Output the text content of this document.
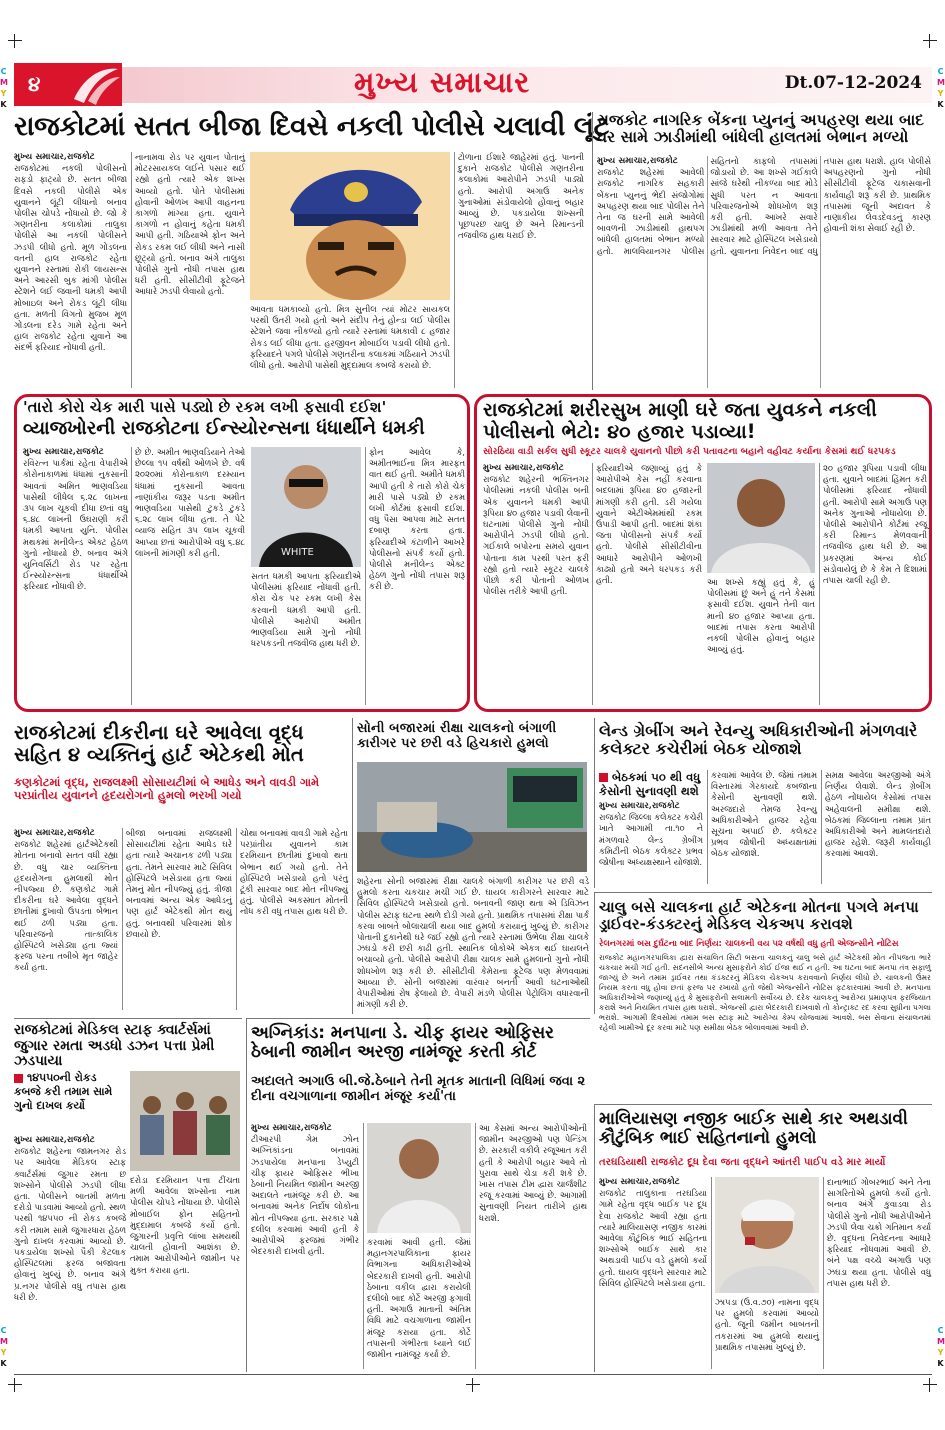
C
M
Y
K
C
M
Y
K
C
M
Y
K
C
M
Y
K
૪	મુખ્ય સમાચાર	Dt.07-12-2024
રાજકોટમાં સતત બીજા દિવસે નકલી પોલીસે ચલાવી લૂંટ

મુખ્ય સમાચાર,રાજકોટ

રાજકોટમાં નકલી પોલીસનો રાફડો ફાટ્યો છે. સતત બીજા દિવસે નકલી પોલીસે એક યુવાનને લૂંટી લીધાનો બનાવ પોલીસ ચોપડે નોંધાયો છે. જો કે ગણતરીના કલાકોમાં તાલુકા પોલીસે આ નકલી પોલીસને ઝડપી લીધો હતો. મૂળ ગોંડલના વતની હાલ રાજકોટ રહેતા યુવાનને રસ્તામાં રોકી લાયસન્સ અને આરસી બુક માંગી પોલીસ સ્ટેશને લઈ જવાની ધમકી આપી મોબાઇલ અને રોકડ લૂંટી લીધા હતા. મળતી વિગતો મુજબ મૂળ ગોંડલના દરેડ ગામે રહેતા અને હાલ રાજકોટ રહેતા યુવાને આ સંદર્ભે ફરિયાદ નોંધાવી હતી.

નાનામવા રોડ પર યુવાન પોતાનું મોટરસાયકલ લઈને પસાર થઈ રહ્યો હતો ત્યારે એક શખ્સ આવ્યો હતો. પોતે પોલીસમાં હોવાની ઓળખ આપી વાહનના કાગળો માંગ્યા હતા. યુવાને કાગળો ન હોવાનું કહેતા ધમકી આપી હતી. ગઠિયાએ ફોન અને રોકડ રકમ લઈ લીધી અને નાસી છૂટ્યો હતો. બનાવ અંગે તાલુકા પોલીસે ગુનો નોંધી તપાસ હાથ ધરી હતી. સીસીટીવી ફૂટેજને આધારે ઝડપી લેવાયો હતો.
ટોળાના ઈશારે જાહેરમાં હતું. પાનની દુકાને રાજકોટ પોલીસે ગણતરીના કલાકોમાં આરોપીને ઝડપી પાડ્યો હતો. આરોપી અગાઉ અનેક ગુનાઓમાં સંડોવાયેલો હોવાનું બહાર આવ્યું છે. પકડાયેલા શખ્સની પૂછપરછ ચાલુ છે અને રિમાન્ડની તજવીજ હાથ ધરાઈ છે.
આવતા ધમકાવ્યો હતો. મિત્ર સુનીલ ત્યાં મોટર સાયકલ પરથી ઉતરી ગયો હતો અને સંદીપ તેનું હોન્ડા લઈ પોલીસ સ્ટેશને જવા નીકળ્યો હતો ત્યારે રસ્તામાં ધમકાવી ૮ હજાર રોકડ લઈ લીધા હતા. હરજીવન મોબાઈલ પડાવી લીધો હતો. ફરિયાદને પગલે પોલીસે ગણતરીના કલાકમાં ગઠિયાને ઝડપી લીધો હતો. આરોપી પાસેથી મુદ્દામાલ કબજે કરાયો છે.
રાજકોટ નાગરિક બેંકના પ્યુનનું અપહરણ થયા બાદ ઘર સામે ઝાડીમાંથી બાંધેલી હાલતમાં બેભાન મળ્યો

મુખ્ય સમાચાર,રાજકોટ

રાજકોટ શહેરમાં આવેલી રાજકોટ નાગરિક સહકારી બેંકના પ્યુનનું ભેદી સંજોગોમાં અપહરણ થયા બાદ પોલીસ તેને તેના જ ઘરની સામે આવેલી બાવળની ઝાડીમાંથી હાથપગ બાંધેલી હાલતમાં બેભાન મળ્યો હતો. માલવિયાનગર પોલીસ સહિતનો કાફલો તપાસમાં જોડાયો છે. આ શખ્સે ગઈકાલે સાંજે ઘરેથી નીકળ્યા બાદ મોડે સુધી પરત ન આવતા પરિવારજનોએ શોધખોળ શરૂ કરી હતી. આખરે સવારે ઝાડીમાંથી મળી આવતા તેને સારવાર માટે હોસ્પિટલ ખસેડાયો હતો. યુવાનના નિવેદન બાદ વધુ તપાસ હાથ ધરાશે. હાલ પોલીસે અપહરણનો ગુનો નોંધી સીસીટીવી ફૂટેજ ચકાસવાની કાર્યવાહી શરૂ કરી છે. પ્રાથમિક તપાસમાં જૂની અદાવત કે નાણાકીય લેવડદેવડનું કારણ હોવાની શંકા સેવાઈ રહી છે.

'તારો કોરો ચેક મારી પાસે પડ્યો છે રકમ લખી ફસાવી દઈશ'
વ્યાજખોરની રાજકોટના ઈન્સ્યોરન્સના ધંધાર્થીને ધમકી

મુખ્ય સમાચાર,રાજકોટ

રવિરત્ન પાર્કમાં રહેતા વેપારીએ કોરોનાકાળમાં ધંધામાં નુકસાની આવતાં અમિત ભાણવડિયા પાસેથી લીધેલ ૬.૨૮ લાખના ૩૫ લાખ ચૂકવી દીધા છતાં વધુ ૬.૪૮ લાખની ઉઘરાણી કરી ધમકી આપતા યુનિ. પોલીસ મથકમાં મનીલેન્ડ એક્ટ હેઠળ ગુનો નોંધાયો છે. બનાવ અંગે યુનિવર્સિટી રોડ પર રહેતા ઈન્સ્યોરન્સના ધંધાર્થીએ ફરિયાદ નોંધાવી છે.

છે છે. અમીત ભાણવડિયાને તેઓ છેલ્લા ૧૫ વર્ષથી ઓળખે છે. વર્ષ ૨૦૨૦માં કોરોનાકાળ દરમ્યાન ધંધામાં નુકસાની આવતા નાણાંકીય જરૂર પડતા અમીત ભાણવડિયા પાસેથી ટુકડે ટુકડે ૬.૨૮ લાખ લીધા હતા. તે પેટે વ્યાજ સહિત ૩૫ લાખ ચૂકવી આપ્યા છતાં આરોપીએ વધુ ૬.૪૮ લાખની માંગણી કરી હતી.	WHITE
સતત ધમકી આપતા ફરિયાદીએ પોલીસમાં ફરિયાદ નોંધાવી હતી. કોરા ચેક પર રકમ લખી કેસ કરવાની ધમકી આપી હતી. પોલીસે આરોપી અમીત ભાણવડિયા સામે ગુનો નોંધી ધરપકડની તજવીજ હાથ ધરી છે.
ફોન આવેલ કે, અમીતભાઈના મિત્ર મારફત વાત થઈ હતી. અમીતે ધમકી આપી હતી કે તારો કોરો ચેક મારી પાસે પડ્યો છે રકમ લખી કોર્ટમાં ફસાવી દઈશ. વધુ પૈસા આપવા માટે સતત દબાણ કરતા હતા. ફરિયાદીએ કંટાળીને આખરે પોલીસનો સંપર્ક કર્યો હતો. પોલીસે મનીલેન્ડ એક્ટ હેઠળ ગુનો નોંધી તપાસ શરૂ કરી છે.
રાજકોટમાં શરીરસુખ માણી ઘરે જતા યુવકને નકલી પોલીસનો ભેટો: ૪૦ હજાર પડાવ્યા!
સોરઠિયા વાડી સર્કલ સુધી સ્કૂટર ચાલકે યુવાનનો પીછો કરી પતાવટના બહાને વહીવટ કર્યાના કેસમાં થઈ ધરપકડ

મુખ્ય સમાચાર,રાજકોટ

રાજકોટ શહેરની ભક્તિનગર પોલીસમાં નકલી પોલીસ બની એક યુવાનને ધમકી આપી રૂપિયા ૪૦ હજાર પડાવી લેવાની ઘટનામાં પોલીસે ગુનો નોંધી આરોપીને ઝડપી લીધો હતો. ગઈકાલે બપોરના સમયે યુવાન પોતાના કામ પરથી પરત ફરી રહ્યો હતો ત્યારે સ્કૂટર ચાલકે પીછો કરી પોતાની ઓળખ પોલીસ તરીકે આપી હતી.

ફરિયાદીએ જણાવ્યું હતું કે આરોપીએ કેસ નહીં કરવાના બદલામાં રૂપિયા ૪૦ હજારની માંગણી કરી હતી. ડરી ગયેલા યુવાને એટીએમમાંથી રકમ ઉપાડી આપી હતી. બાદમાં શંકા જતા પોલીસનો સંપર્ક કર્યો હતો. પોલીસે સીસીટીવીના આધારે આરોપીને ઓળખી કાઢ્યો હતો અને ધરપકડ કરી હતી.	આ શખ્સે કહ્યું હતું કે, હું પોલીસમાં છું અને હું તને કેસમાં ફસાવી દઈશ. યુવાને તેની વાત માની ૪૦ હજાર આપ્યા હતા. બાદમાં તપાસ કરતા આરોપી નકલી પોલીસ હોવાનું બહાર આવ્યું હતું.
૨૦ હજાર રૂપિયા પડાવી લીધા હતા. યુવાને બાદમાં હિંમત કરી પોલીસમાં ફરિયાદ નોંધાવી હતી. આરોપી સામે અગાઉ પણ અનેક ગુનાઓ નોંધાયેલા છે. પોલીસે આરોપીને કોર્ટમાં રજૂ કરી રિમાન્ડ મેળવવાની તજવીજ હાથ ધરી છે. આ પ્રકરણમાં અન્ય કોઈ સંડોવાયેલું છે કે કેમ તે દિશામાં તપાસ ચાલી રહી છે.
રાજકોટમાં દીકરીના ઘરે આવેલા વૃદ્ધ સહિત ૪ વ્યક્તિનું હાર્ટ એટેકથી મોત
કણકોટમાં વૃદ્ધ, રાજલક્ષ્મી સોસાયટીમાં બે આધેડ અને વાવડી ગામે પરપ્રાંતીય યુવાનને હૃદયરોગનો હુમલો ભરખી ગયો

મુખ્ય સમાચાર,રાજકોટ

રાજકોટ શહેરમાં હાર્ટએટેકથી મોતના બનાવો સતત વધી રહ્યા છે. વધુ ચાર વ્યક્તિના હૃદયરોગના હુમલાથી મોત નીપજ્યા છે. કણકોટ ગામે દીકરીના ઘરે આવેલા વૃદ્ધને છાતીમાં દુખાવો ઉપડતા બેભાન થઈ ઢળી પડ્યા હતા. પરિવારજનો તાત્કાલિક હોસ્પિટલે ખસેડ્યા હતા જ્યાં ફરજ પરના તબીબે મૃત જાહેર કર્યા હતા.

બીજા બનાવમાં રાજલક્ષ્મી સોસાયટીમાં રહેતા આધેડ ઘરે હતા ત્યારે અચાનક ઢળી પડ્યા હતા. તેમને સારવાર માટે સિવિલ હોસ્પિટલે ખસેડાયા હતા જ્યાં તેમનું મોત નીપજ્યું હતું. ત્રીજા બનાવમાં અન્ય એક આધેડનું પણ હાર્ટ એટેકથી મોત થયું હતું. બનાવથી પરિવારમાં શોક છવાયો છે.
ચોથા બનાવમાં વાવડી ગામે રહેતા પરપ્રાંતીય યુવાનને કામ દરમિયાન છાતીમાં દુખાવો થતા બેભાન થઈ ગયો હતો. તેને હોસ્પિટલે ખસેડાયો હતો પરંતુ ટૂંકી સારવાર બાદ મોત નીપજ્યું હતું. પોલીસે અકસ્માત મોતની નોંધ કરી વધુ તપાસ હાથ ધરી છે.
સોની બજારમાં રીક્ષા ચાલકનો બંગાળી કારીગર પર છરી વડે હિચકારો હુમલો
શહેરના સોની બજારમાં રીક્ષા ચાલકે બંગાળી કારીગર પર છરી વડે હુમલો કરતા ચકચાર મચી ગઈ છે. ઘાયલ કારીગરને સારવાર માટે સિવિલ હોસ્પિટલે ખસેડાયો હતો. બનાવની જાણ થતા એ ડિવિઝન પોલીસ સ્ટાફ ઘટના સ્થળે દોડી ગયો હતો. પ્રાથમિક તપાસમાં રીક્ષા પાર્ક કરવા બાબતે બોલાચાલી થયા બાદ હુમલો કરાયાનું ખુલ્યું છે. કારીગર પોતાની દુકાનેથી ઘરે જઈ રહ્યો હતો ત્યારે રસ્તામાં ઉભેલા રીક્ષા ચાલકે ઝઘડો કરી છરી કાઢી હતી. સ્થાનિક લોકોએ એકત્ર થઈ ઘાયલને બચાવ્યો હતો. પોલીસે આરોપી રીક્ષા ચાલક સામે હુમલાનો ગુનો નોંધી શોધખોળ શરૂ કરી છે. સીસીટીવી કેમેરાના ફૂટેજ પણ મેળવવામાં આવ્યા છે. સોની બજારમાં વારંવાર બનતી આવી ઘટનાઓથી વેપારીઓમાં રોષ ફેલાયો છે. વેપારી મંડળે પોલીસ પેટ્રોલિંગ વધારવાની માંગણી કરી છે.
લેન્ડ ગ્રેબીંગ અને રેવન્યુ અધિકારીઓની મંગળવારે કલેક્ટર કચેરીમાં બેઠક યોજાશે
બેઠકમાં ૫૦ થી વધુ કેસોની સુનાવણી થશે

મુખ્ય સમાચાર,રાજકોટ

રાજકોટ જિલ્લા કલેક્ટર કચેરી ખાતે આગામી તા.૧૦ ને મંગળવારે લેન્ડ ગ્રેબીંગ કમિટીની બેઠક કલેક્ટર પ્રભવ જોષીના અધ્યક્ષસ્થાને યોજાશે.

કરવામાં આવેલ છે. જેમાં તમામ વિસ્તારમાં ગેરકાયદે કબજાના કેસોની સુનાવણી થશે. અરજદારો તેમજ રેવન્યુ અધિકારીઓને હાજર રહેવા સૂચના અપાઈ છે. કલેક્ટર પ્રભવ જોષીની અધ્યક્ષતામાં બેઠક યોજાશે.
સમક્ષ આવેલા અરજીઓ અંગે નિર્ણય લેવાશે. લેન્ડ ગ્રેબીંગ હેઠળ નોંધાયેલ કેસોમાં તપાસ અહેવાલની સમીક્ષા થશે. બેઠકમાં જિલ્લાના તમામ પ્રાંત અધિકારીઓ અને મામલતદારો હાજર રહેશે. જરૂરી કાર્યવાહી કરવામાં આવશે.
ચાલુ બસે ચાલકના હાર્ટ એટેકના મોતના પગલે મનપા ડ્રાઈવર-કંડક્ટરનું મેડિકલ ચેકઅપ કરાવશે
રેલનગરમાં બસ દુર્ઘટના બાદ નિર્ણય: ચાલકની વય ૫૨ વર્ષથી વધુ હતી એજન્સીને નોટિસ
રાજકોટ મહાનગરપાલિકા દ્વારા સંચાલિત સિટી બસના ચાલકનું ચાલુ બસે હાર્ટ એટેકથી મોત નીપજતા ભારે ચકચાર મચી ગઈ હતી. સદનસીબે અન્ય મુસાફરોને કોઈ ઈજા થઈ ન હતી. આ ઘટના બાદ મનપા તંત્ર સફાળું જાગ્યું છે અને તમામ ડ્રાઈવર તથા કંડક્ટરનું મેડિકલ ચેકઅપ કરાવવાનો નિર્ણય લીધો છે. ચાલકની ઉંમર નિયમ કરતા વધુ હોવા છતાં ફરજ પર રખાયો હતો જેથી એજન્સીને નોટિસ ફટકારવામાં આવી છે. મનપાના અધિકારીઓએ જણાવ્યું હતું કે મુસાફરોની સલામતી સર્વોચ્ચ છે. દરેક ચાલકનું આરોગ્ય પ્રમાણપત્ર ફરજિયાત કરાશે અને નિયમિત તપાસ હાથ ધરાશે. એજન્સી દ્વારા બેદરકારી દાખવાશે તો કોન્ટ્રાક્ટ રદ કરવા સુધીના પગલા ભરાશે. આગામી દિવસોમાં તમામ બસ સ્ટાફ માટે આરોગ્ય કેમ્પ યોજવામાં આવશે. બસ સેવાના સંચાલનમાં રહેલી ખામીઓ દૂર કરવા માટે પણ સમીક્ષા બેઠક બોલાવવામાં આવી છે.
રાજકોટમાં મેડિકલ સ્ટાફ ક્વાર્ટર્સમાં જુગાર રમતા અડધો ડઝન પત્તા પ્રેમી ઝડપાયા
૧૪૫૫૦ની રોકડ કબજે કરી તમામ સામે ગુનો દાખલ કર્યો

મુખ્ય સમાચાર,રાજકોટ

રાજકોટ શહેરના જામનગર રોડ પર આવેલા મેડિકલ સ્ટાફ ક્વાર્ટર્સમાં જુગાર રમતા છ શખ્સોને પોલીસે ઝડપી લીધા હતા. પોલીસને બાતમી મળતા દરોડો પાડવામાં આવ્યો હતો. સ્થળ પરથી ૧૪૫૫૦ ની રોકડ કબજે કરી તમામ સામે જુગારધારા હેઠળ ગુનો દાખલ કરવામાં આવ્યો છે. પકડાયેલા શખ્સો પૈકી કેટલાક હોસ્પિટલમાં ફરજ બજાવતા હોવાનું ખુલ્યું છે. બનાવ અંગે પ્ર.નગર પોલીસે વધુ તપાસ હાથ ધરી છે.

દરોડા દરમિયાન પત્તા ટીંચતા મળી આવેલા શખ્સોના નામ પોલીસ ચોપડે નોંધાયા છે. પોલીસે મોબાઈલ ફોન સહિતનો મુદ્દામાલ કબજે કર્યો હતો. જુગારની પ્રવૃત્તિ લાંબા સમયથી ચાલતી હોવાની આશંકા છે. તમામ આરોપીઓને જામીન પર મુક્ત કરાયા હતા.
અગ્નિકાંડ: મનપાના ડે. ચીફ ફાયર ઓફિસર ઠેબાની જામીન અરજી નામંજૂર કરતી કોર્ટ
અદાલતે અગાઉ બી.જે.ઠેબાને તેની મૃતક માતાની વિધિમાં જવા ૨ દીના વચગાળાના જામીન મંજૂર કર્યા'તા

મુખ્ય સમાચાર,રાજકોટ

ટીઆરપી ગેમ ઝોન અગ્નિકાંડના બનાવમાં ઝડપાયેલા મનપાના ડેપ્યુટી ચીફ ફાયર ઓફિસર ભીખા ઠેબાની નિયમિત જામીન અરજી અદાલતે નામંજૂર કરી છે. આ બનાવમાં અનેક નિર્દોષ લોકોના મોત નીપજ્યા હતા. સરકાર પક્ષે દલીલ કરવામાં આવી હતી કે આરોપીએ ફરજમાં ગંભીર બેદરકારી દાખવી હતી.

કરવામાં આવી હતી. જેમાં મહાનગરપાલિકાના ફાયર વિભાગના અધિકારીઓએ બેદરકારી દાખવી હતી. આરોપી ઠેબાના વકીલ દ્વારા કરાયેલી દલીલો બાદ કોર્ટે અરજી ફગાવી હતી. અગાઉ માતાની અંતિમ વિધિ માટે વચગાળાના જામીન મંજૂર કરાયા હતા. કોર્ટે તપાસની ગંભીરતા ધ્યાને લઈ જામીન નામંજૂર કર્યા છે.
આ કેસમાં અન્ય આરોપીઓની જામીન અરજીઓ પણ પેન્ડિંગ છે. સરકારી વકીલે રજૂઆત કરી હતી કે આરોપી બહાર આવે તો પુરાવા સાથે ચેડા કરી શકે છે. ખાસ તપાસ ટીમ દ્વારા ચાર્જશીટ રજૂ કરવામાં આવ્યું છે. આગામી સુનાવણી નિયત તારીખે હાથ ધરાશે.
માલિયાસણ નજીક બાઈક સાથે કાર અથડાવી કૌટુંબિક ભાઈ સહિતનાનો હુમલો
તરઘડિયાથી રાજકોટ દૂધ દેવા જતા વૃદ્ધને આંતરી પાઈપ વડે માર માર્યો

મુખ્ય સમાચાર,રાજકોટ

રાજકોટ તાલુકાના તરઘડિયા ગામે રહેતા વૃદ્ધ બાઈક પર દૂધ દેવા રાજકોટ આવી રહ્યા હતા ત્યારે માલિયાસણ નજીક કારમાં આવેલા કૌટુંબિક ભાઈ સહિતના શખ્સોએ બાઈક સાથે કાર અથડાવી પાઈપ વડે હુમલો કર્યો હતો. ઘાયલ વૃદ્ધને સારવાર માટે સિવિલ હોસ્પિટલે ખસેડાયા હતા.

ઝાપડા (ઉ.વ.૭૦) નામના વૃદ્ધ પર હુમલો કરવામાં આવ્યો હતો. જૂની જમીન બાબતની તકરારમાં આ હુમલો થયાનું પ્રાથમિક તપાસમાં ખુલ્યું છે.
દાનાભાઈ ગોબરભાઈ અને તેના સાગરિતોએ હુમલો કર્યો હતો. બનાવ અંગે કુવાડવા રોડ પોલીસે ગુનો નોંધી આરોપીઓને ઝડપી લેવા ચક્રો ગતિમાન કર્યા છે. વૃદ્ધના નિવેદનના આધારે ફરિયાદ નોંધવામાં આવી છે. બંને પક્ષ વચ્ચે અગાઉ પણ ઝઘડા થયા હતા. પોલીસે વધુ તપાસ હાથ ધરી છે.
